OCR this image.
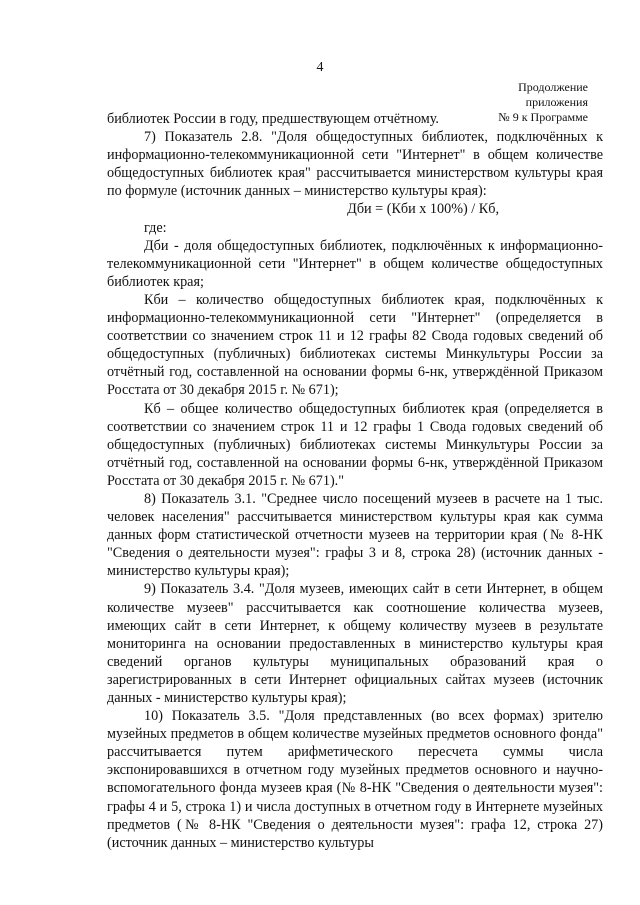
4
Продолжение приложения
№ 9 к Программе

библиотек России в году, предшествующем отчётному.

7) Показатель 2.8. "Доля общедоступных библиотек, подключённых к информационно-телекоммуникационной сети "Интернет" в общем количестве общедоступных библиотек края" рассчитывается министерством культуры края по формуле (источник данных – министерство культуры края):

Дби = (Кби х 100%) / Кб,

где:

Дби - доля общедоступных библиотек, подключённых к информационно-телекоммуникационной сети "Интернет" в общем количестве общедоступных библиотек края;

Кби – количество общедоступных библиотек края, подключённых к информационно-телекоммуникационной сети "Интернет" (определяется в соответствии со значением строк 11 и 12 графы 82 Свода годовых сведений об общедоступных (публичных) библиотеках системы Минкультуры России за отчётный год, составленной на основании формы 6-нк, утверждённой Приказом Росстата от 30 декабря 2015 г. № 671);

Кб – общее количество общедоступных библиотек края (определяется в соответствии со значением строк 11 и 12 графы 1 Свода годовых сведений об общедоступных (публичных) библиотеках системы Минкультуры России за отчётный год, составленной на основании формы 6-нк, утверждённой Приказом Росстата от 30 декабря 2015 г. № 671)."

8) Показатель 3.1. "Среднее число посещений музеев в расчете на 1 тыс. человек населения" рассчитывается министерством культуры края как сумма данных форм статистической отчетности музеев на территории края (№ 8-НК "Сведения о деятельности музея": графы 3 и 8, строка 28) (источник данных - министерство культуры края);

9) Показатель 3.4. "Доля музеев, имеющих сайт в сети Интернет, в общем количестве музеев" рассчитывается как соотношение количества музеев, имеющих сайт в сети Интернет, к общему количеству музеев в результате мониторинга на основании предоставленных в министерство культуры края сведений органов культуры муниципальных образований края о зарегистрированных в сети Интернет официальных сайтах музеев (источник данных - министерство культуры края);

10) Показатель 3.5. "Доля представленных (во всех формах) зрителю музейных предметов в общем количестве музейных предметов основного фонда" рассчитывается путем арифметического пересчета суммы числа экспонировавшихся в отчетном году музейных предметов основного и научно-вспомогательного фонда музеев края (№ 8-НК "Сведения о деятельности музея": графы 4 и 5, строка 1) и числа доступных в отчетном году в Интернете музейных предметов (№ 8-НК "Сведения о деятельности музея": графа 12, строка 27) (источник данных – министерство культуры
